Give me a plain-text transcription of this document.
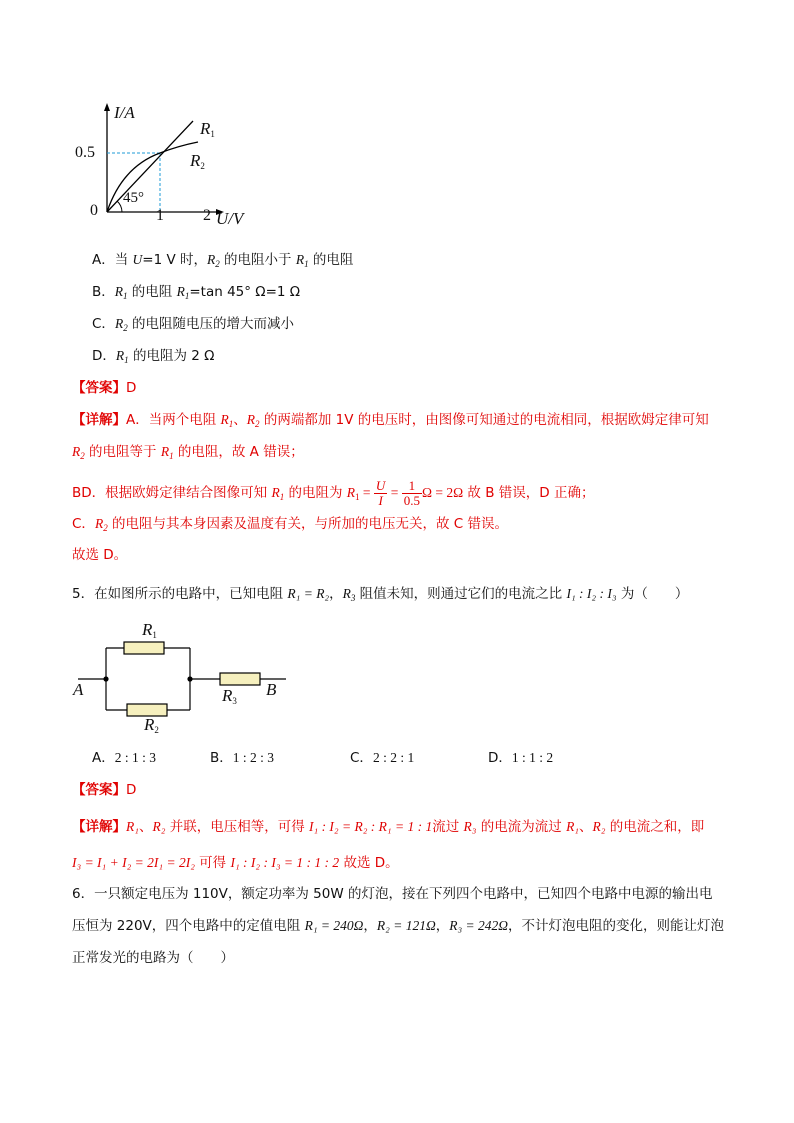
I/A
U/V
0.5
0	1 2
45°
$R_1$
$R_2$
A．当 U=1 V 时，$R_2$ 的电阻小于 $R_1$ 的电阻
B．$R_1$ 的电阻 $R_1=\tan$ 45° Ω=1 Ω
C．$R_2$ 的电阻随电压的增大而减小
D．$R_1$ 的电阻为 2 Ω
【答案】D
【详解】A．当两个电阻 $R_1$、$R_2$ 的两端都加 1V 的电压时，由图像可知通过的电流相同，根据欧姆定律可知
$R_2$ 的电阻等于 $R_1$ 的电阻，故 A 错误；
BD．根据欧姆定律结合图像可知 $R_1$ 的电阻为 $R_1 = \frac{U}{I} = \frac{1}{0.5}$ Ω = 2Ω 故 B 错误，D 正确；
C．$R_2$ 的电阻与其本身因素及温度有关，与所加的电压无关，故 C 错误。
故选 D。
5．在如图所示的电路中，已知电阻 R₁ = R₂，$R_3$ 阻值未知，则通过它们的电流之比 I₁ : I₂ : I₃ 为（　　）
A	B
$R_1$
$R_2$
$R_3$
A．2 : 1 : 3	B．1 : 2 : 3	C．2 : 2 : 1	D．1 : 1 : 2
【答案】D
【详解】R₁、R₂ 并联，电压相等，可得 I₁ : I₂ = R₂ : R₁ = 1 : 1流过 R₃ 的电流为流过 R₁、R₂ 的电流之和，即
I₃ = I₁ + I₂ = 2I₁ = 2I₂ 可得 I₁ : I₂ : I₃ = 1 : 1 : 2 故选 D。
6．一只额定电压为 110V，额定功率为 50W 的灯泡，接在下列四个电路中，已知四个电路中电源的输出电
压恒为 220V，四个电路中的定值电阻 R₁ = 240Ω，R₂ = 121Ω，R₃ = 242Ω，不计灯泡电阻的变化，则能让灯泡
正常发光的电路为（　　）
